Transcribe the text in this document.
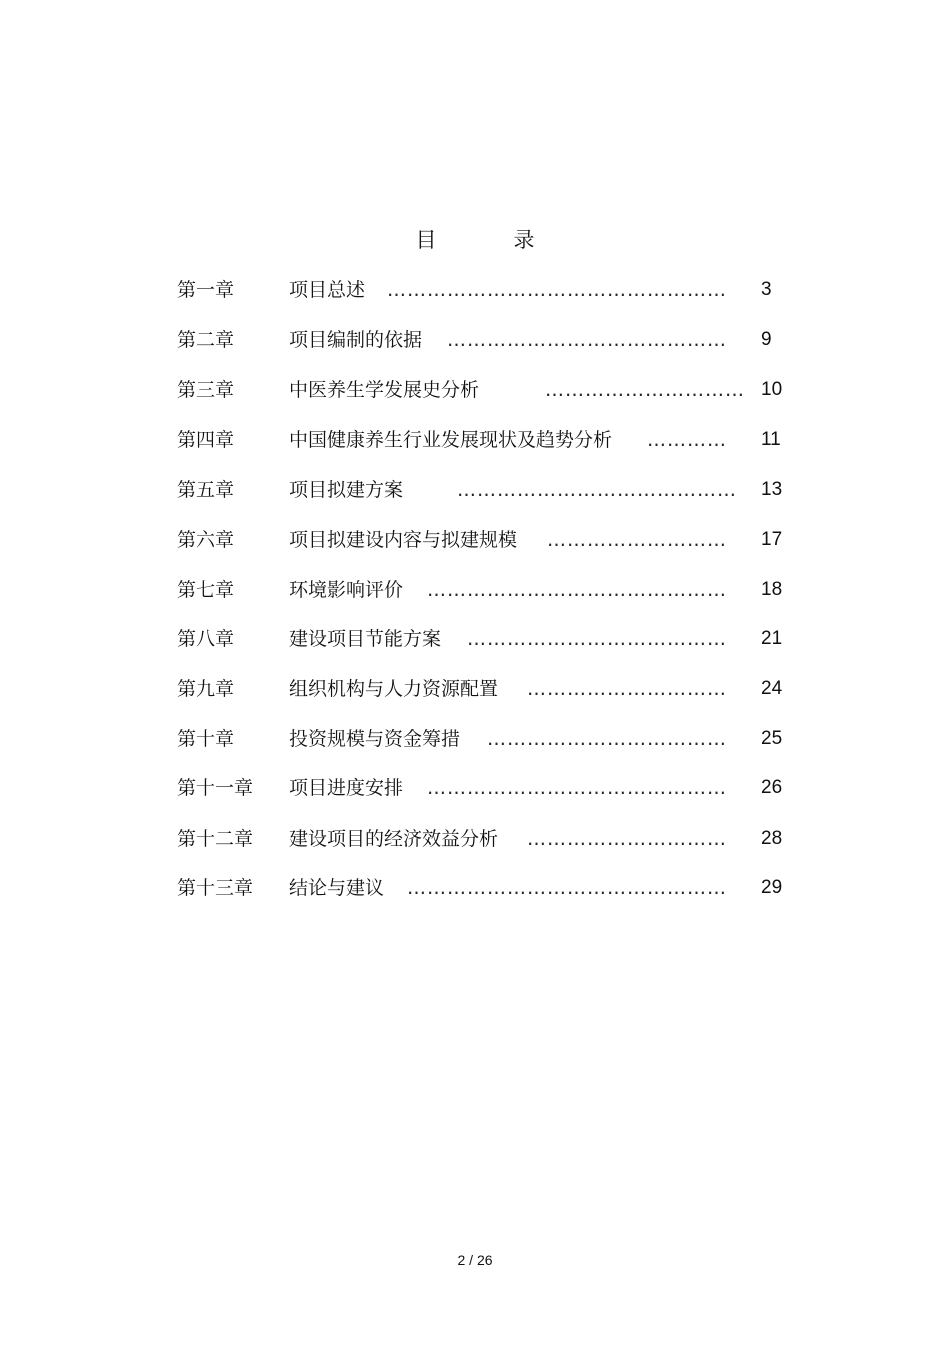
目　录
第一章	项目总述 …………………………………………… 3
第二章	项目编制的依据 …………………………………… 9
第三章	中医养生学发展史分析	………………………… 10
第四章	中国健康养生行业发展现状及趋势分析 ………… 11
第五章	项目拟建方案	…………………………………… 13
第六章	项目拟建设内容与拟建规模 ……………………… 17
第七章	环境影响评价 ……………………………………… 18
第八章	建设项目节能方案 ………………………………… 21
第九章	组织机构与人力资源配置 ………………………… 24
第十章	投资规模与资金筹措 ……………………………… 25
第十一章 项目进度安排 ……………………………………… 26
第十二章 建设项目的经济效益分析 ………………………… 28
第十三章 结论与建议 ………………………………………… 29
2 / 26
